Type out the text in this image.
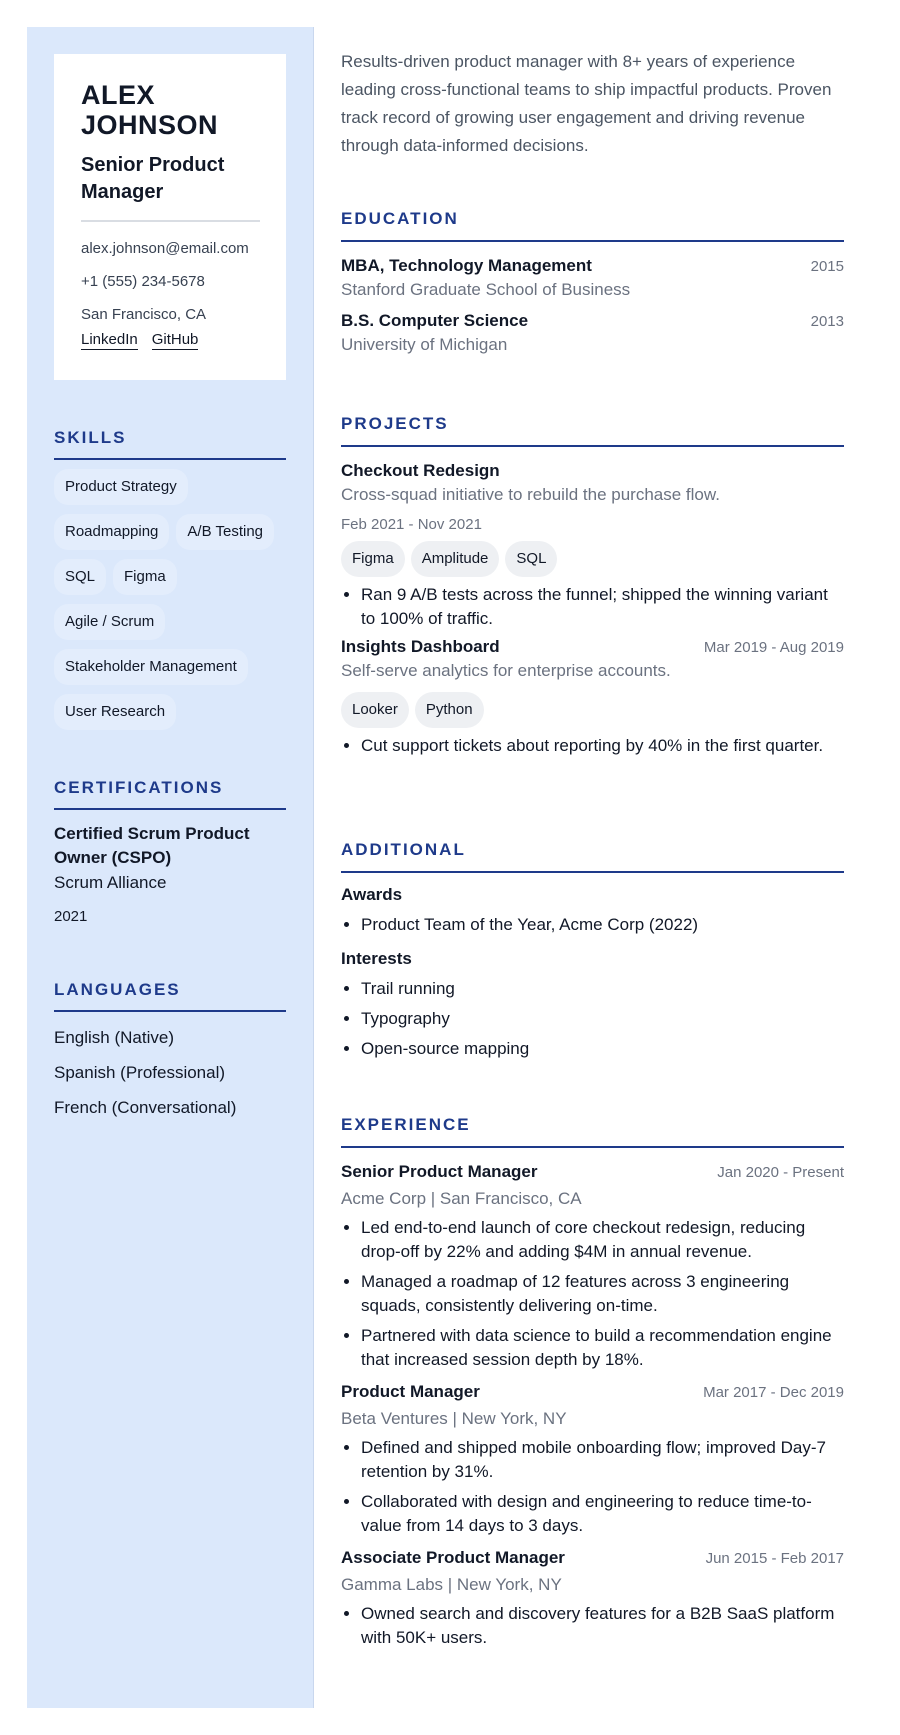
ALEX
JOHNSON
Senior Product
Manager
alex.johnson@email.com
+1 (555) 234-5678
San Francisco, CA
LinkedIn GitHub
SKILLS
Product Strategy
Roadmapping A/B Testing
SQL Figma
Agile / Scrum
Stakeholder Management
User Research
CERTIFICATIONS
Certified Scrum Product
Owner (CSPO)
Scrum Alliance
2021
LANGUAGES
English (Native)
Spanish (Professional)
French (Conversational)

Results-driven product manager with 8+ years of experience
leading cross-functional teams to ship impactful products. Proven
track record of growing user engagement and driving revenue
through data-informed decisions.

EDUCATION
MBA, Technology Management	2015
Stanford Graduate School of Business
B.S. Computer Science	2013
University of Michigan
PROJECTS
Checkout Redesign
Cross-squad initiative to rebuild the purchase flow.
Feb 2021 - Nov 2021
Figma Amplitude SQL
• Ran 9 A/B tests across the funnel; shipped the winning variant to 100% of traffic.
Insights Dashboard	Mar 2019 - Aug 2019
Self-serve analytics for enterprise accounts.
Looker Python
• Cut support tickets about reporting by 40% in the first quarter.
ADDITIONAL
Awards
• Product Team of the Year, Acme Corp (2022)
Interests
• Trail running
• Typography
• Open-source mapping
EXPERIENCE
Senior Product Manager	Jan 2020 - Present
Acme Corp | San Francisco, CA
• Led end-to-end launch of core checkout redesign, reducing drop-off by 22% and adding $4M in annual revenue.
• Managed a roadmap of 12 features across 3 engineering squads, consistently delivering on-time.
• Partnered with data science to build a recommendation engine that increased session depth by 18%.
Product Manager	Mar 2017 - Dec 2019
Beta Ventures | New York, NY
• Defined and shipped mobile onboarding flow; improved Day-7 retention by 31%.
• Collaborated with design and engineering to reduce time-to-value from 14 days to 3 days.
Associate Product Manager	Jun 2015 - Feb 2017
Gamma Labs | New York, NY
• Owned search and discovery features for a B2B SaaS platform with 50K+ users.
